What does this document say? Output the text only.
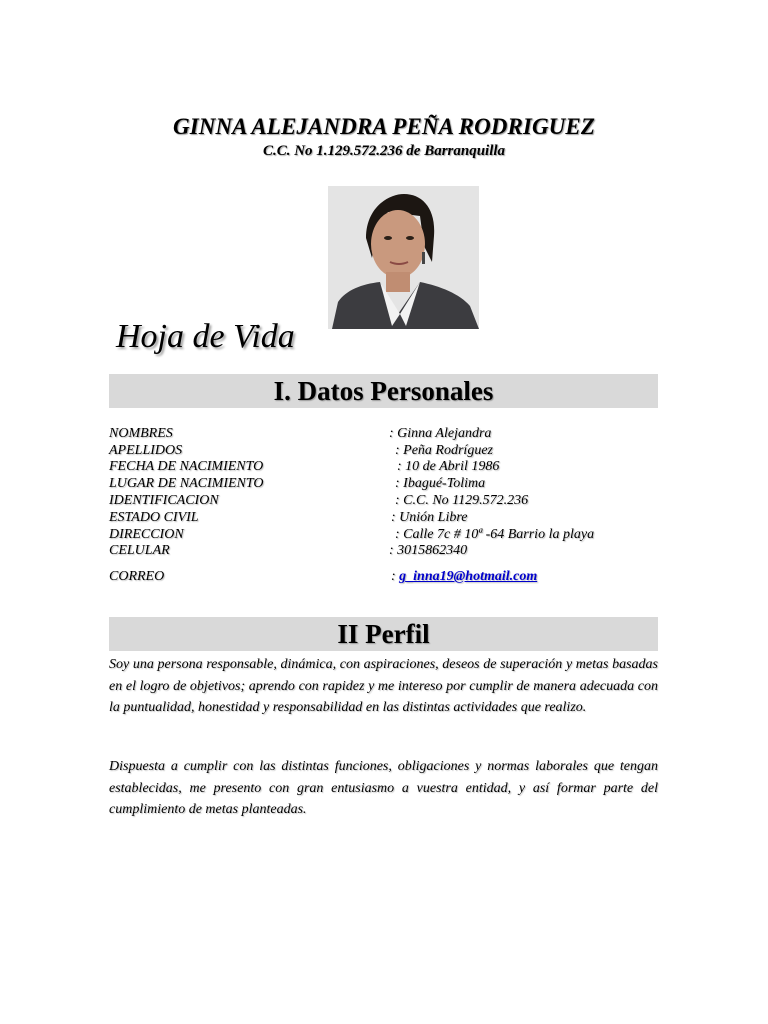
GINNA ALEJANDRA PEÑA RODRIGUEZ
C.C. No 1.129.572.236 de Barranquilla
Hoja de Vida
I. Datos Personales
NOMBRES	: Ginna Alejandra
APELLIDOS	: Peña Rodríguez
FECHA DE NACIMIENTO	: 10 de Abril 1986
LUGAR DE NACIMIENTO	: Ibagué-Tolima
IDENTIFICACION	: C.C. No 1129.572.236
ESTADO CIVIL	: Unión Libre
DIRECCION	: Calle 7c # 10ª -64 Barrio la playa
CELULAR	: 3015862340
CORREO	: g_inna19@hotmail.com
II Perfil
Soy una persona responsable, dinámica, con aspiraciones, deseos de superación y metas basadas en el logro de objetivos; aprendo con rapidez y me intereso por cumplir de manera adecuada con la puntualidad, honestidad y responsabilidad en las distintas actividades que realizo.
Dispuesta a cumplir con las distintas funciones, obligaciones y normas laborales que tengan establecidas, me presento con gran entusiasmo a vuestra entidad, y así formar parte del cumplimiento de metas planteadas.
